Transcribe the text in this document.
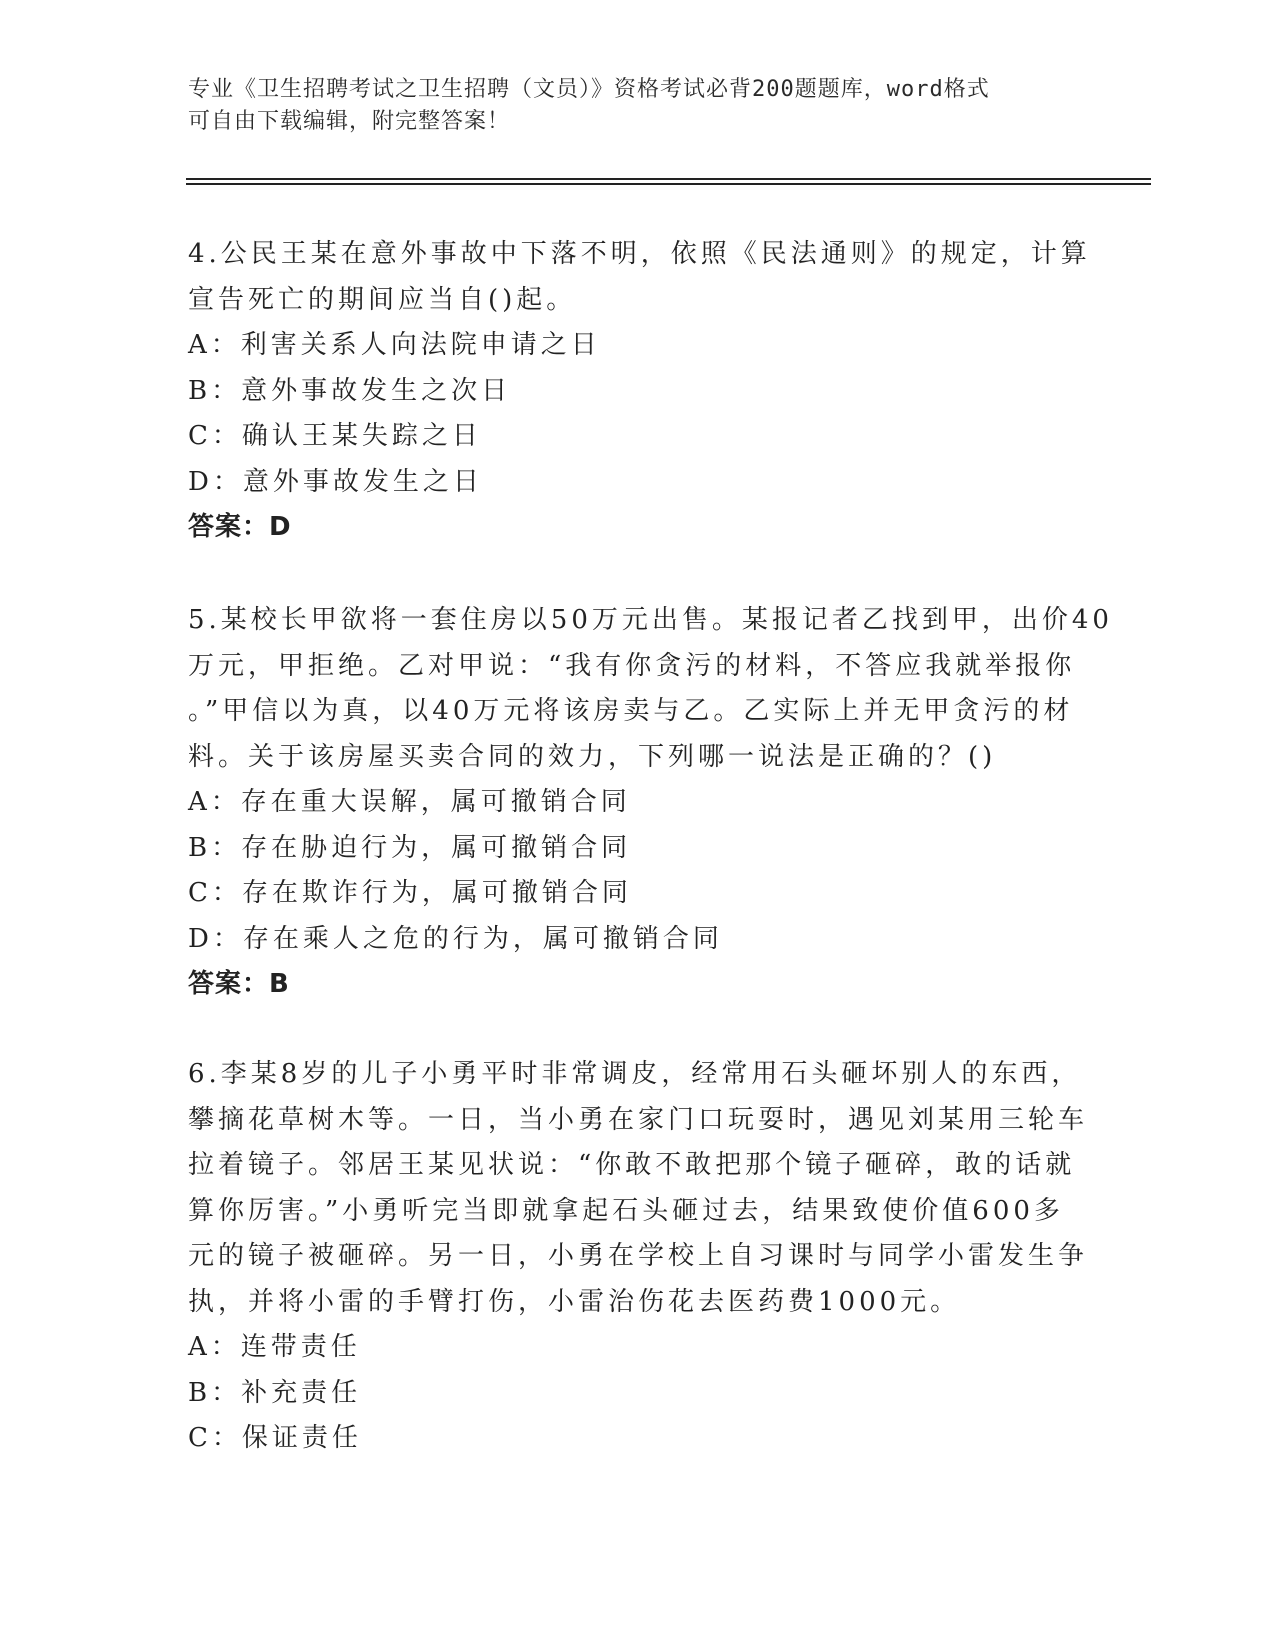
专业《卫生招聘考试之卫生招聘（文员）》资格考试必背200题题库，word格式
可自由下载编辑，附完整答案！
4.公民王某在意外事故中下落不明，依照《民法通则》的规定，计算
宣告死亡的期间应当自()起。
A：利害关系人向法院申请之日
B：意外事故发生之次日
C：确认王某失踪之日
D：意外事故发生之日
答案：D
5.某校长甲欲将一套住房以50万元出售。某报记者乙找到甲，出价40
万元，甲拒绝。乙对甲说：“我有你贪污的材料，不答应我就举报你
。”甲信以为真，以40万元将该房卖与乙。乙实际上并无甲贪污的材
料。关于该房屋买卖合同的效力，下列哪一说法是正确的？()
A：存在重大误解，属可撤销合同
B：存在胁迫行为，属可撤销合同
C：存在欺诈行为，属可撤销合同
D：存在乘人之危的行为，属可撤销合同
答案：B
6.李某8岁的儿子小勇平时非常调皮，经常用石头砸坏别人的东西，
攀摘花草树木等。一日，当小勇在家门口玩耍时，遇见刘某用三轮车
拉着镜子。邻居王某见状说：“你敢不敢把那个镜子砸碎，敢的话就
算你厉害。”小勇听完当即就拿起石头砸过去，结果致使价值600多
元的镜子被砸碎。另一日，小勇在学校上自习课时与同学小雷发生争
执，并将小雷的手臂打伤，小雷治伤花去医药费1000元。
A：连带责任
B：补充责任
C：保证责任
